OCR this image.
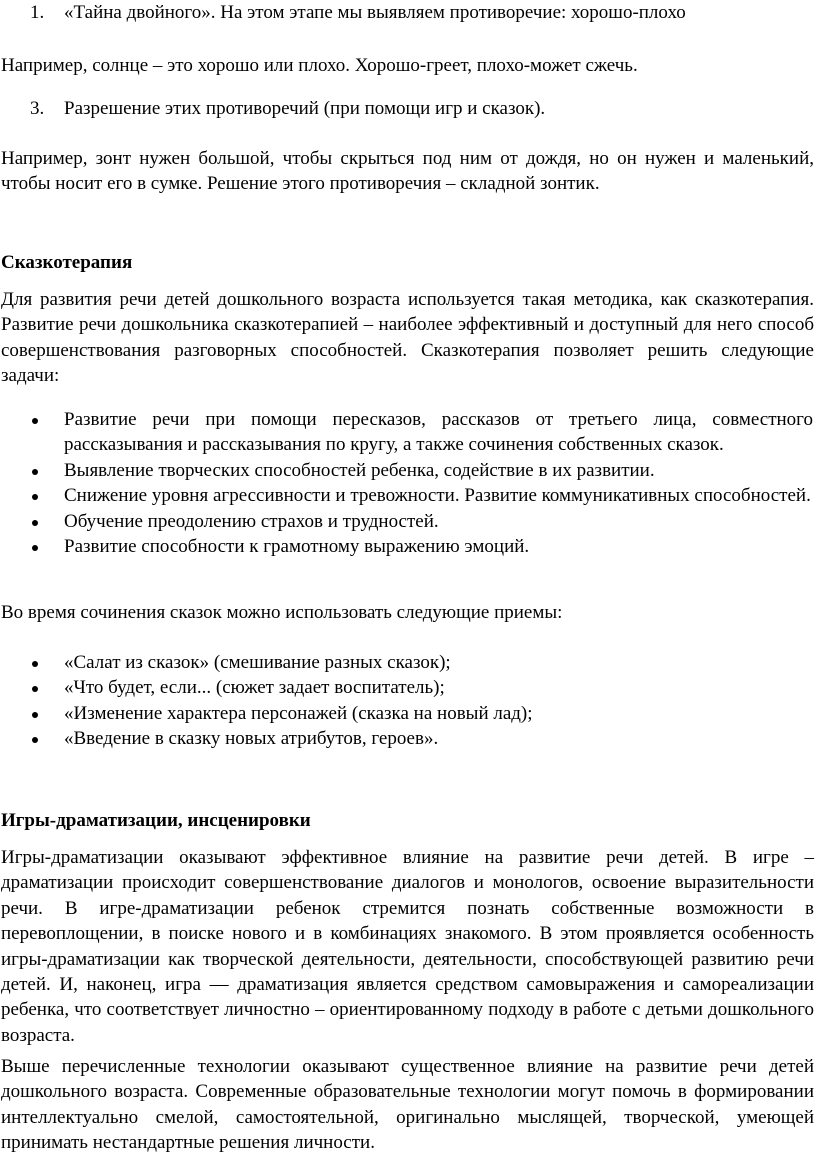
1. «Тайна двойного». На этом этапе мы выявляем противоречие: хорошо-плохо

Например, солнце – это хорошо или плохо. Хорошо-греет, плохо-может сжечь.

3. Разрешение этих противоречий (при помощи игр и сказок).

Например, зонт нужен большой, чтобы скрыться под ним от дождя, но он нужен и маленький, чтобы носит его в сумке. Решение этого противоречия – складной зонтик.

Сказкотерапия

Для развития речи детей дошкольного возраста используется такая методика, как сказкотерапия. Развитие речи дошкольника сказкотерапией – наиболее эффективный и доступный для него способ совершенствования разговорных способностей. Сказкотерапия позволяет решить следующие задачи:

Развитие речи при помощи пересказов, рассказов от третьего лица, совместного рассказывания и рассказывания по кругу, а также сочинения собственных сказок.
Выявление творческих способностей ребенка, содействие в их развитии.
Снижение уровня агрессивности и тревожности. Развитие коммуникативных способностей.
Обучение преодолению страхов и трудностей.
Развитие способности к грамотному выражению эмоций.

Во время сочинения сказок можно использовать следующие приемы:

«Салат из сказок» (смешивание разных сказок);
«Что будет, если... (сюжет задает воспитатель);
«Изменение характера персонажей (сказка на новый лад);
«Введение в сказку новых атрибутов, героев».

Игры-драматизации, инсценировки

Игры-драматизации оказывают эффективное влияние на развитие речи детей. В игре – драматизации происходит совершенствование диалогов и монологов, освоение выразительности речи. В игре-драматизации ребенок стремится познать собственные возможности в перевоплощении, в поиске нового и в комбинациях знакомого. В этом проявляется особенность игры-драматизации как творческой деятельности, деятельности, способствующей развитию речи детей. И, наконец, игра — драматизация является средством самовыражения и самореализации ребенка, что соответствует личностно – ориентированному подходу в работе с детьми дошкольного возраста.

Выше перечисленные технологии оказывают существенное влияние на развитие речи детей дошкольного возраста. Современные образовательные технологии могут помочь в формировании интеллектуально смелой, самостоятельной, оригинально мыслящей, творческой, умеющей принимать нестандартные решения личности.
